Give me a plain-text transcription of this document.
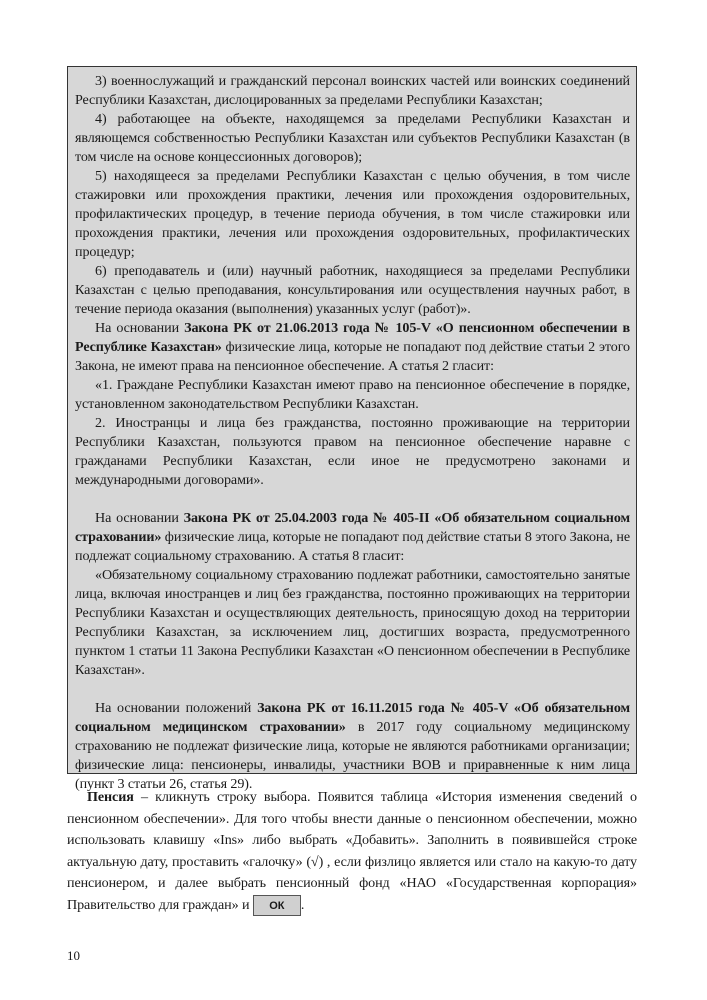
3) военнослужащий и гражданский персонал воинских частей или воинских соединений Республики Казахстан, дислоцированных за пределами Республики Казахстан;

4) работающее на объекте, находящемся за пределами Республики Казахстан и являющемся собственностью Республики Казахстан или субъектов Республики Казахстан (в том числе на основе концессионных договоров);

5) находящееся за пределами Республики Казахстан с целью обучения, в том числе стажировки или прохождения практики, лечения или прохождения оздоровительных, профилактических процедур, в течение периода обучения, в том числе стажировки или прохождения практики, лечения или прохождения оздоровительных, профилактических процедур;

6) преподаватель и (или) научный работник, находящиеся за пределами Республики Казахстан с целью преподавания, консультирования или осуществления научных работ, в течение периода оказания (выполнения) указанных услуг (работ)».

На основании Закона РК от 21.06.2013 года № 105-V «О пенсионном обеспечении в Республике Казахстан» физические лица, которые не попадают под действие статьи 2 этого Закона, не имеют права на пенсионное обеспечение. А статья 2 гласит:

«1. Граждане Республики Казахстан имеют право на пенсионное обеспечение в порядке, установленном законодательством Республики Казахстан.

2. Иностранцы и лица без гражданства, постоянно проживающие на территории Республики Казахстан, пользуются правом на пенсионное обеспечение наравне с гражданами Республики Казахстан, если иное не предусмотрено законами и международными договорами».

На основании Закона РК от 25.04.2003 года № 405-II «Об обязательном социальном страховании» физические лица, которые не попадают под действие статьи 8 этого Закона, не подлежат социальному страхованию. А статья 8 гласит:

«Обязательному социальному страхованию подлежат работники, самостоятельно занятые лица, включая иностранцев и лиц без гражданства, постоянно проживающих на территории Республики Казахстан и осуществляющих деятельность, приносящую доход на территории Республики Казахстан, за исключением лиц, достигших возраста, предусмотренного пунктом 1 статьи 11 Закона Республики Казахстан «О пенсионном обеспечении в Республике Казахстан».

На основании положений Закона РК от 16.11.2015 года № 405-V «Об обязательном социальном медицинском страховании» в 2017 году социальному медицинскому страхованию не подлежат физические лица, которые не являются работниками организации; физические лица: пенсионеры, инвалиды, участники ВОВ и приравненные к ним лица (пункт 3 статьи 26, статья 29).

Пенсия – кликнуть строку выбора. Появится таблица «История изменения сведений о пенсионном обеспечении». Для того чтобы внести данные о пенсионном обеспечении, можно использовать клавишу «Ins» либо выбрать «Добавить». Заполнить в появившейся строке актуальную дату, проставить «галочку» (√) , если физлицо является или стало на какую-то дату пенсионером, и далее выбрать пенсионный фонд «НАО «Государственная корпорация» Правительство для граждан» и ОК .

10
